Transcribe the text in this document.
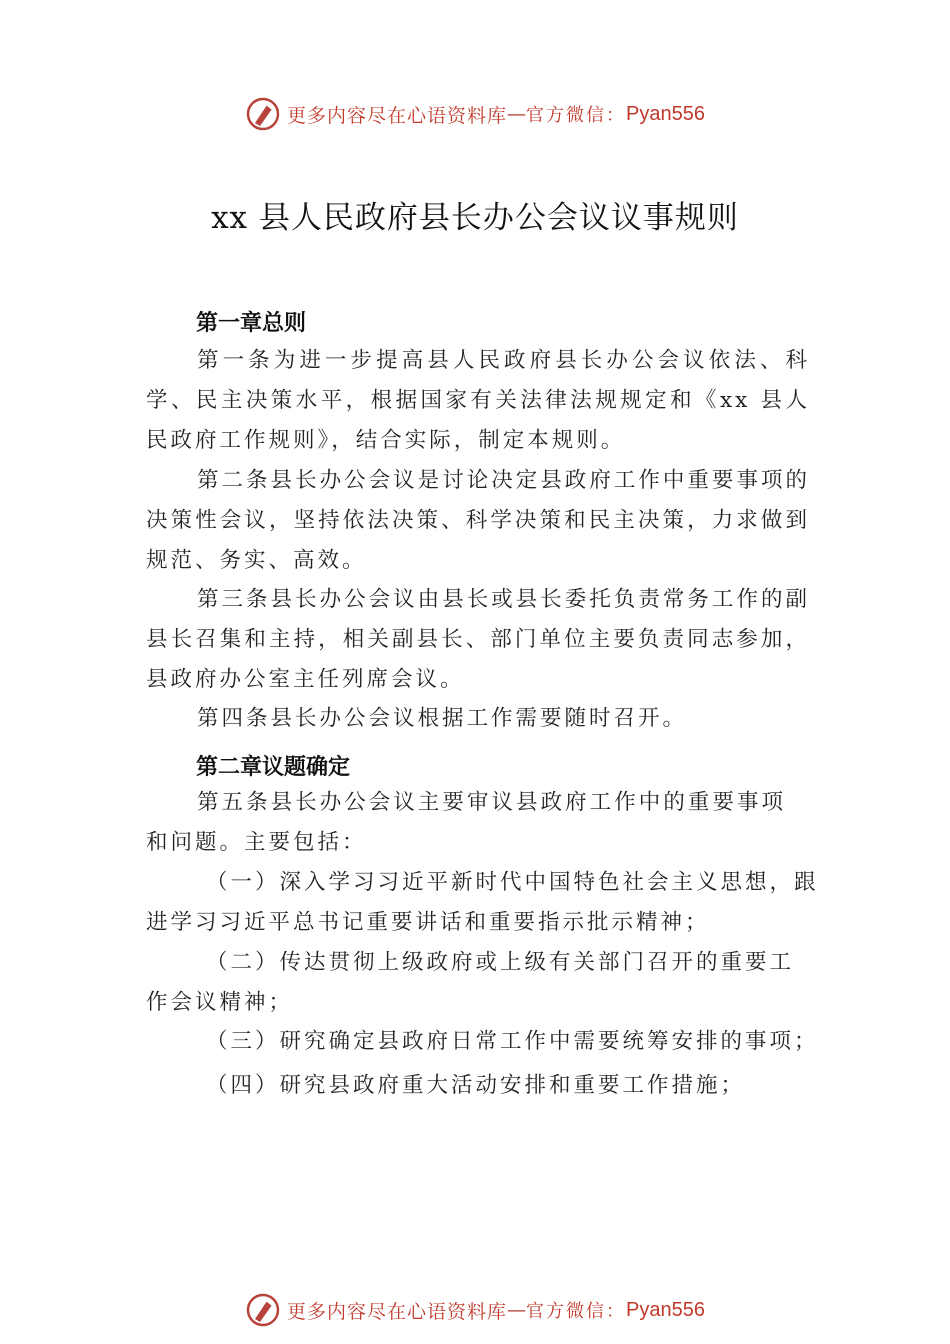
更多内容尽在心语资料库 — 官方微信： Pyan556
xx 县人民政府县长办公会议议事规则
第一章总则
第一条为进一步提高县人民政府县长办公会议依法、科学、民主决策水平，根据国家有关法律法规规定和《xx 县人民政府工作规则》，结合实际，制定本规则。
第二条县长办公会议是讨论决定县政府工作中重要事项的决策性会议，坚持依法决策、科学决策和民主决策，力求做到规范、务实、高效。
第三条县长办公会议由县长或县长委托负责常务工作的副县长召集和主持，相关副县长、部门单位主要负责同志参加，县政府办公室主任列席会议。
第四条县长办公会议根据工作需要随时召开。
第二章议题确定
第五条县长办公会议主要审议县政府工作中的重要事项和问题。主要包括：
（一）深入学习习近平新时代中国特色社会主义思想，跟进学习习近平总书记重要讲话和重要指示批示精神；
（二）传达贯彻上级政府或上级有关部门召开的重要工作会议精神；
（三）研究确定县政府日常工作中需要统筹安排的事项；
（四）研究县政府重大活动安排和重要工作措施；
更多内容尽在心语资料库 — 官方微信： Pyan556
